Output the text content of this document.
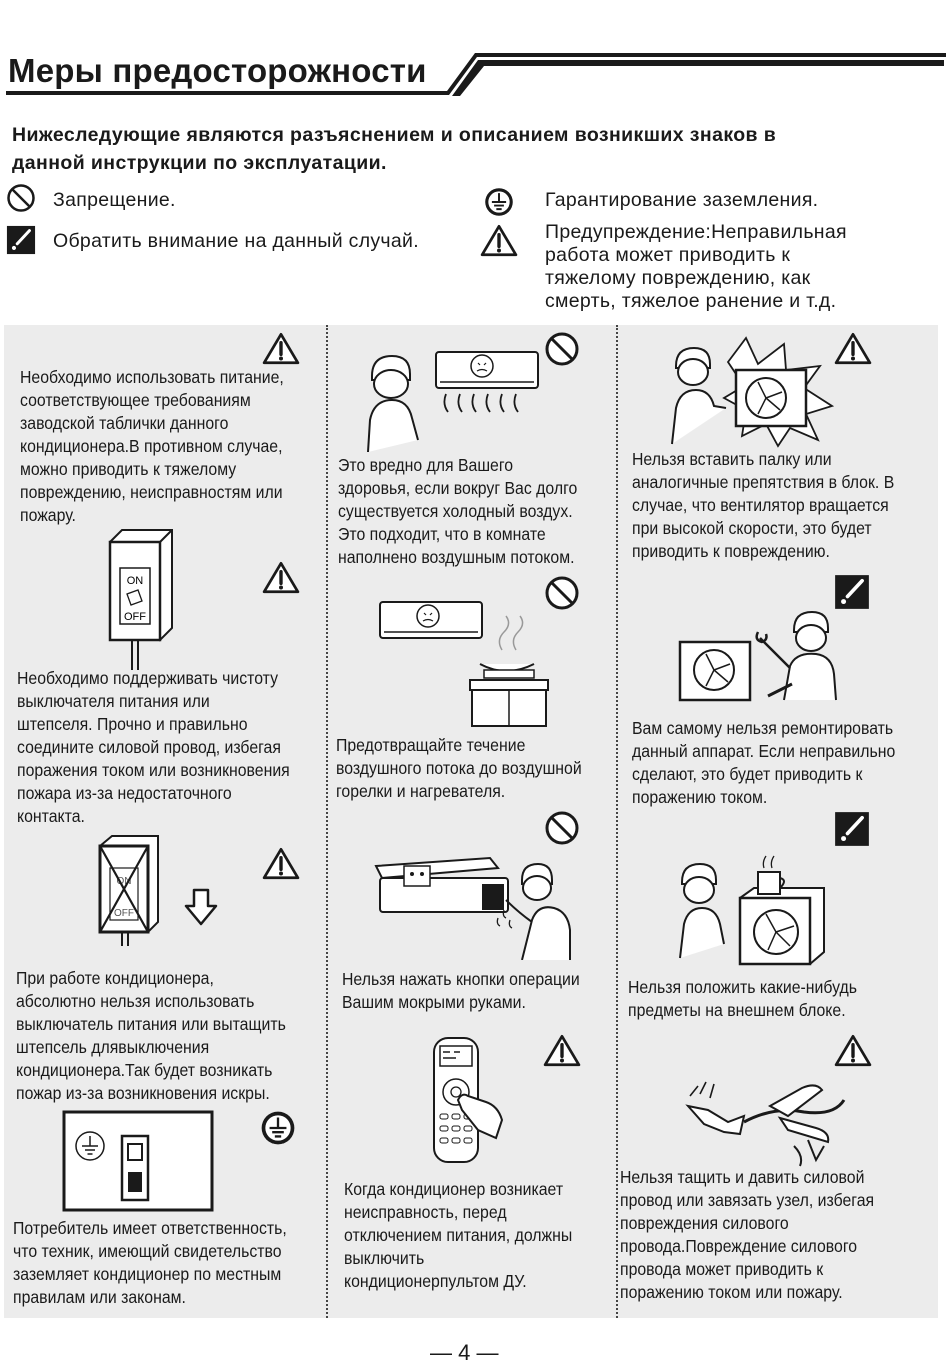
Меры предосторожности
Нижеследующие являются разъяснением и описанием возникших знаков в
данной инструкции по эксплуатации.
Запрещение.
Обратить внимание на данный случай.
Гарантирование заземления.
Предупреждение:Неправильная
работа может приводить к
тяжелому повреждению, как
смерть, тяжелое ранение и т.д.
Необходимо использовать питание,
соответствующее требованиям
заводской таблички данного
кондиционера.В противном случае,
можно приводить к тяжелому
повреждению, неисправностям или
пожару.
ON
OFF
Необходимо поддерживать чистоту
выключателя питания или
штепселя. Прочно и правильно
соедините силовой провод, избегая
поражения током или возникновения
пожара из-за недостаточного
контакта.
ON
OFF
При работе кондиционера,
абсолютно нельзя использовать
выключатель питания или вытащить
штепсель длявыключения
кондиционера.Так будет возникать
пожар из-за возникновения искры.
Потребитель имеет ответственность,
что техник, имеющий свидетельство
заземляет кондиционер по местным
правилам или законам.
Это вредно для Вашего
здоровья, если вокруг Вас долго
существуется холодный воздух.
Это подходит, что в комнате
наполнено воздушным потоком.
Предотвращайте течение
воздушного потока до воздушной
горелки и нагревателя.
Нельзя нажать кнопки операции
Вашим мокрыми руками.
Когда кондиционер возникает
неисправность, перед
отключением питания, должны
выключить
кондиционерпультом ДУ.
Нельзя вставить палку или
аналогичные препятствия в блок. В
случае, что вентилятор вращается
при высокой скорости, это будет
приводить к повреждению.
Вам самому нельзя ремонтировать
данный аппарат. Если неправильно
сделают, это будет приводить к
поражению током.
Нельзя положить какие-нибудь
предметы на внешнем блоке.
Нельзя тащить и давить силовой
провод или завязать узел, избегая
повреждения силового
провода.Повреждение силового
провода может приводить к
поражению током или пожару.
— 4 —
